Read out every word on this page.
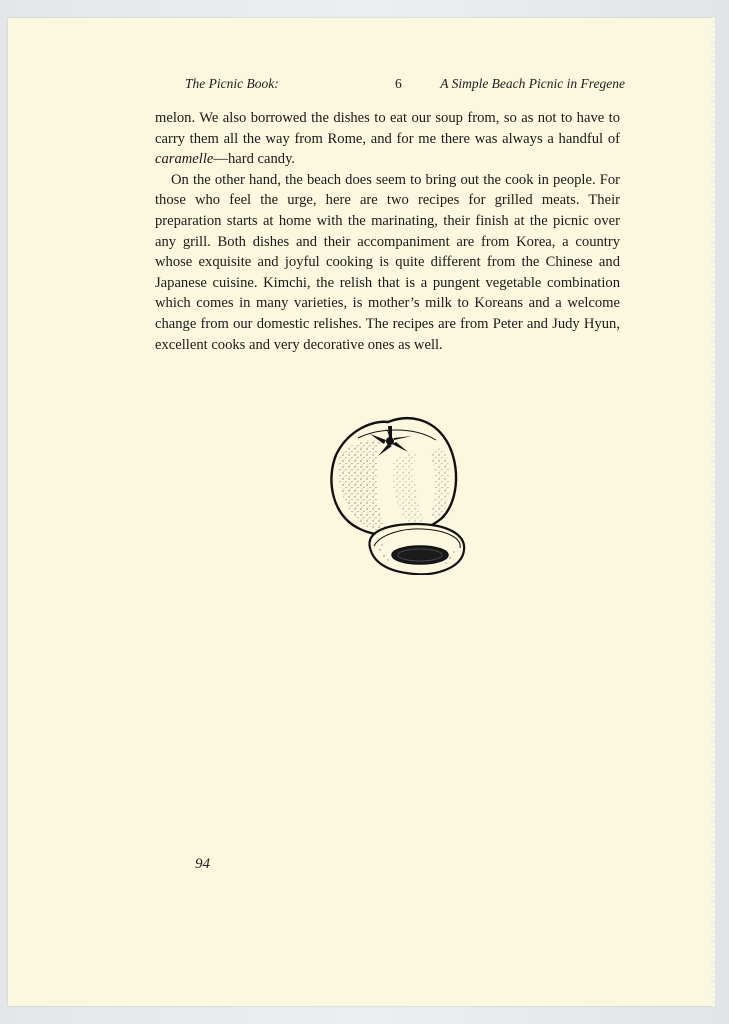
The Picnic Book:	6	A Simple Beach Picnic in Fregene

melon. We also borrowed the dishes to eat our soup from, so as not to have to carry them all the way from Rome, and for me there was always a handful of caramelle—hard candy.

On the other hand, the beach does seem to bring out the cook in people. For those who feel the urge, here are two recipes for grilled meats. Their preparation starts at home with the marinating, their finish at the picnic over any grill. Both dishes and their accompaniment are from Korea, a country whose exquisite and joyful cooking is quite different from the Chinese and Japanese cuisine. Kimchi, the relish that is a pungent vegetable combination which comes in many varieties, is mother’s milk to Koreans and a welcome change from our domestic relishes. The recipes are from Peter and Judy Hyun, excellent cooks and very decorative ones as well.

94
